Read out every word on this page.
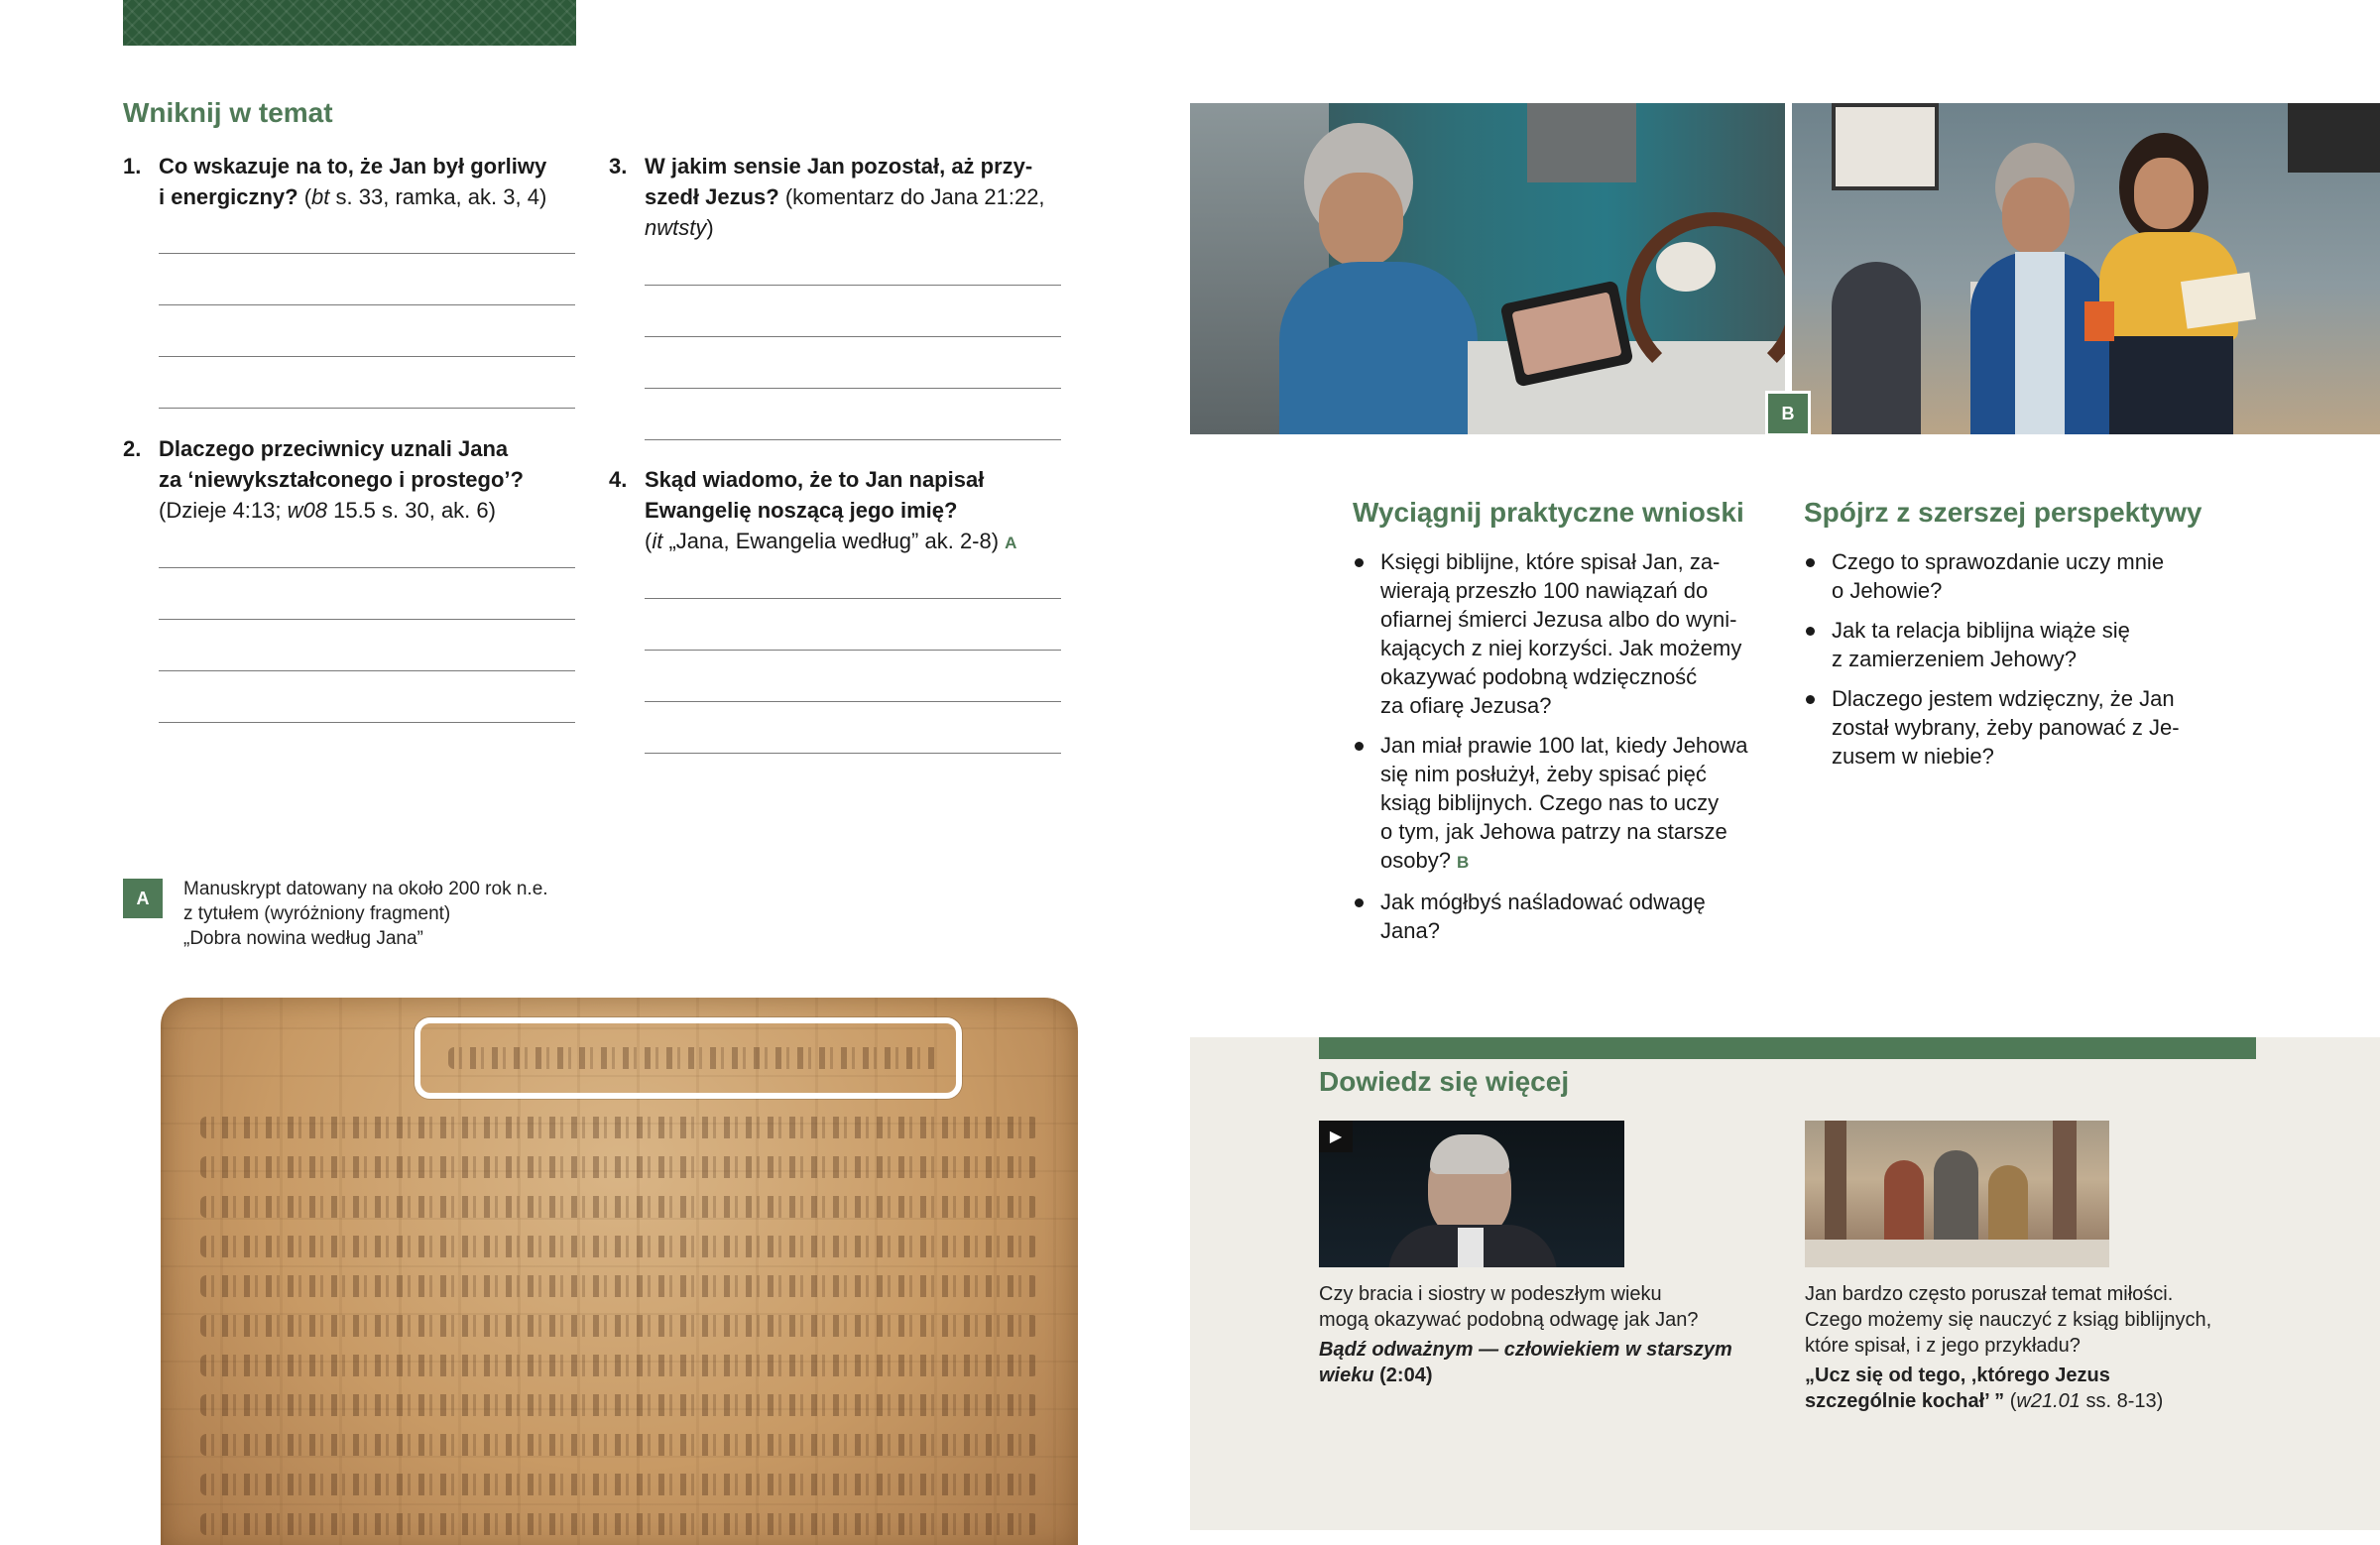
Wniknij w temat
1. Co wskazuje na to, że Jan był gorliwy
i energiczny? (bt s. 33, ramka, ak. 3, 4)
2. Dlaczego przeciwnicy uznali Jana
za ‘niewykształconego i prostego’?
(Dzieje 4:13; w08 15.5 s. 30, ak. 6)
3. W jakim sensie Jan pozostał, aż przy-
szedł Jezus? (komentarz do Jana 21:22,
nwtsty)
4. Skąd wiadomo, że to Jan napisał
Ewangelię noszącą jego imię?
(it „Jana, Ewangelia według” ak. 2-8) A
A	Manuskrypt datowany na około 200 rok n.e.
z tytułem (wyróżniony fragment)
„Dobra nowina według Jana”
B
Wyciągnij praktyczne wnioski
Księgi biblijne, które spisał Jan, za-
wierają przeszło 100 nawiązań do
ofiarnej śmierci Jezusa albo do wyni-
kających z niej korzyści. Jak możemy
okazywać podobną wdzięczność
za ofiarę Jezusa?
Jan miał prawie 100 lat, kiedy Jehowa
się nim posłużył, żeby spisać pięć
ksiąg biblijnych. Czego nas to uczy
o tym, jak Jehowa patrzy na starsze
osoby? B
Jak mógłbyś naśladować odwagę
Jana?
Spójrz z szerszej perspektywy
Czego to sprawozdanie uczy mnie
o Jehowie?
Jak ta relacja biblijna wiąże się
z zamierzeniem Jehowy?
Dlaczego jestem wdzięczny, że Jan
został wybrany, żeby panować z Je-
zusem w niebie?
Dowiedz się więcej
▶
Czy bracia i siostry w podeszłym wieku
mogą okazywać podobną odwagę jak Jan?
Bądź odważnym — człowiekiem w starszym
wieku (2:04)
Jan bardzo często poruszał temat miłości.
Czego możemy się nauczyć z ksiąg biblijnych,
które spisał, i z jego przykładu?
„Ucz się od tego, ‚którego Jezus
szczególnie kochał’ ” (w21.01 ss. 8-13)
